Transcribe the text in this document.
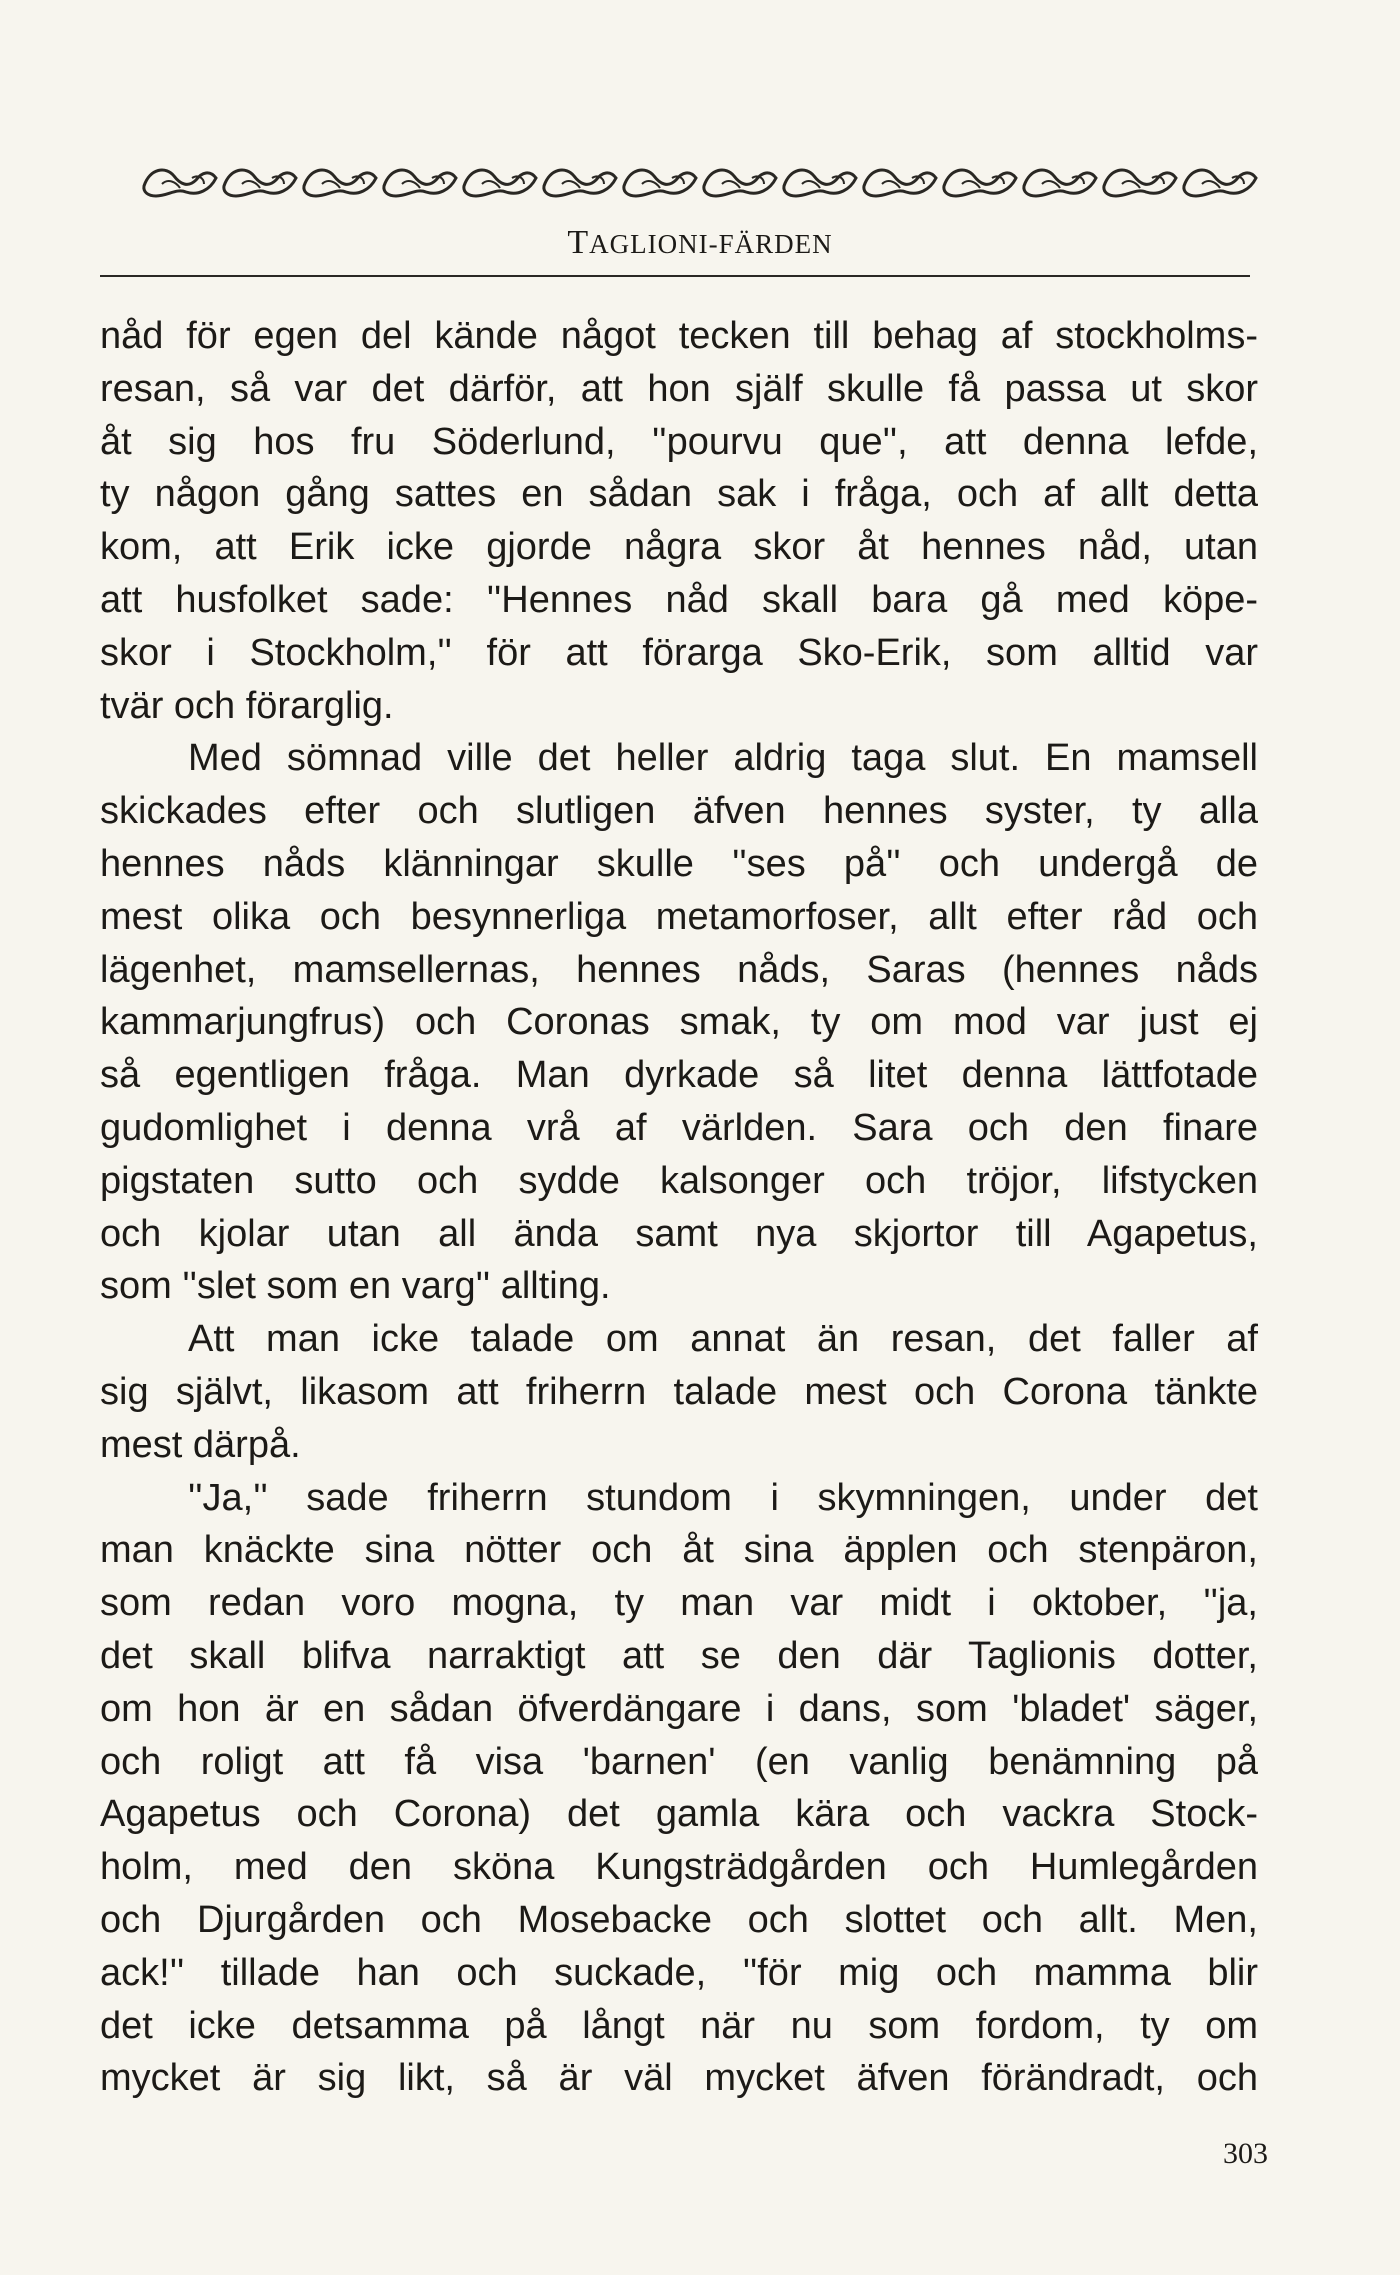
TAGLIONI-FÄRDEN
nåd för egen del kände något tecken till behag af stockholms-
resan, så var det därför, att hon själf skulle få passa ut skor
åt sig hos fru Söderlund, ''pourvu que'', att denna lefde,
ty någon gång sattes en sådan sak i fråga, och af allt detta
kom, att Erik icke gjorde några skor åt hennes nåd, utan
att husfolket sade: ''Hennes nåd skall bara gå med köpe-
skor i Stockholm,'' för att förarga Sko-Erik, som alltid var
tvär och förarglig.
Med sömnad ville det heller aldrig taga slut. En mamsell
skickades efter och slutligen äfven hennes syster, ty alla
hennes nåds klänningar skulle ''ses på'' och undergå de
mest olika och besynnerliga metamorfoser, allt efter råd och
lägenhet, mamsellernas, hennes nåds, Saras (hennes nåds
kammarjungfrus) och Coronas smak, ty om mod var just ej
så egentligen fråga. Man dyrkade så litet denna lättfotade
gudomlighet i denna vrå af världen. Sara och den finare
pigstaten sutto och sydde kalsonger och tröjor, lifstycken
och kjolar utan all ända samt nya skjortor till Agapetus,
som ''slet som en varg'' allting.
Att man icke talade om annat än resan, det faller af
sig självt, likasom att friherrn talade mest och Corona tänkte
mest därpå.
''Ja,'' sade friherrn stundom i skymningen, under det
man knäckte sina nötter och åt sina äpplen och stenpäron,
som redan voro mogna, ty man var midt i oktober, ''ja,
det skall blifva narraktigt att se den där Taglionis dotter,
om hon är en sådan öfverdängare i dans, som 'bladet' säger,
och roligt att få visa 'barnen' (en vanlig benämning på
Agapetus och Corona) det gamla kära och vackra Stock-
holm, med den sköna Kungsträdgården och Humlegården
och Djurgården och Mosebacke och slottet och allt. Men,
ack!'' tillade han och suckade, ''för mig och mamma blir
det icke detsamma på långt när nu som fordom, ty om
mycket är sig likt, så är väl mycket äfven förändradt, och
303
